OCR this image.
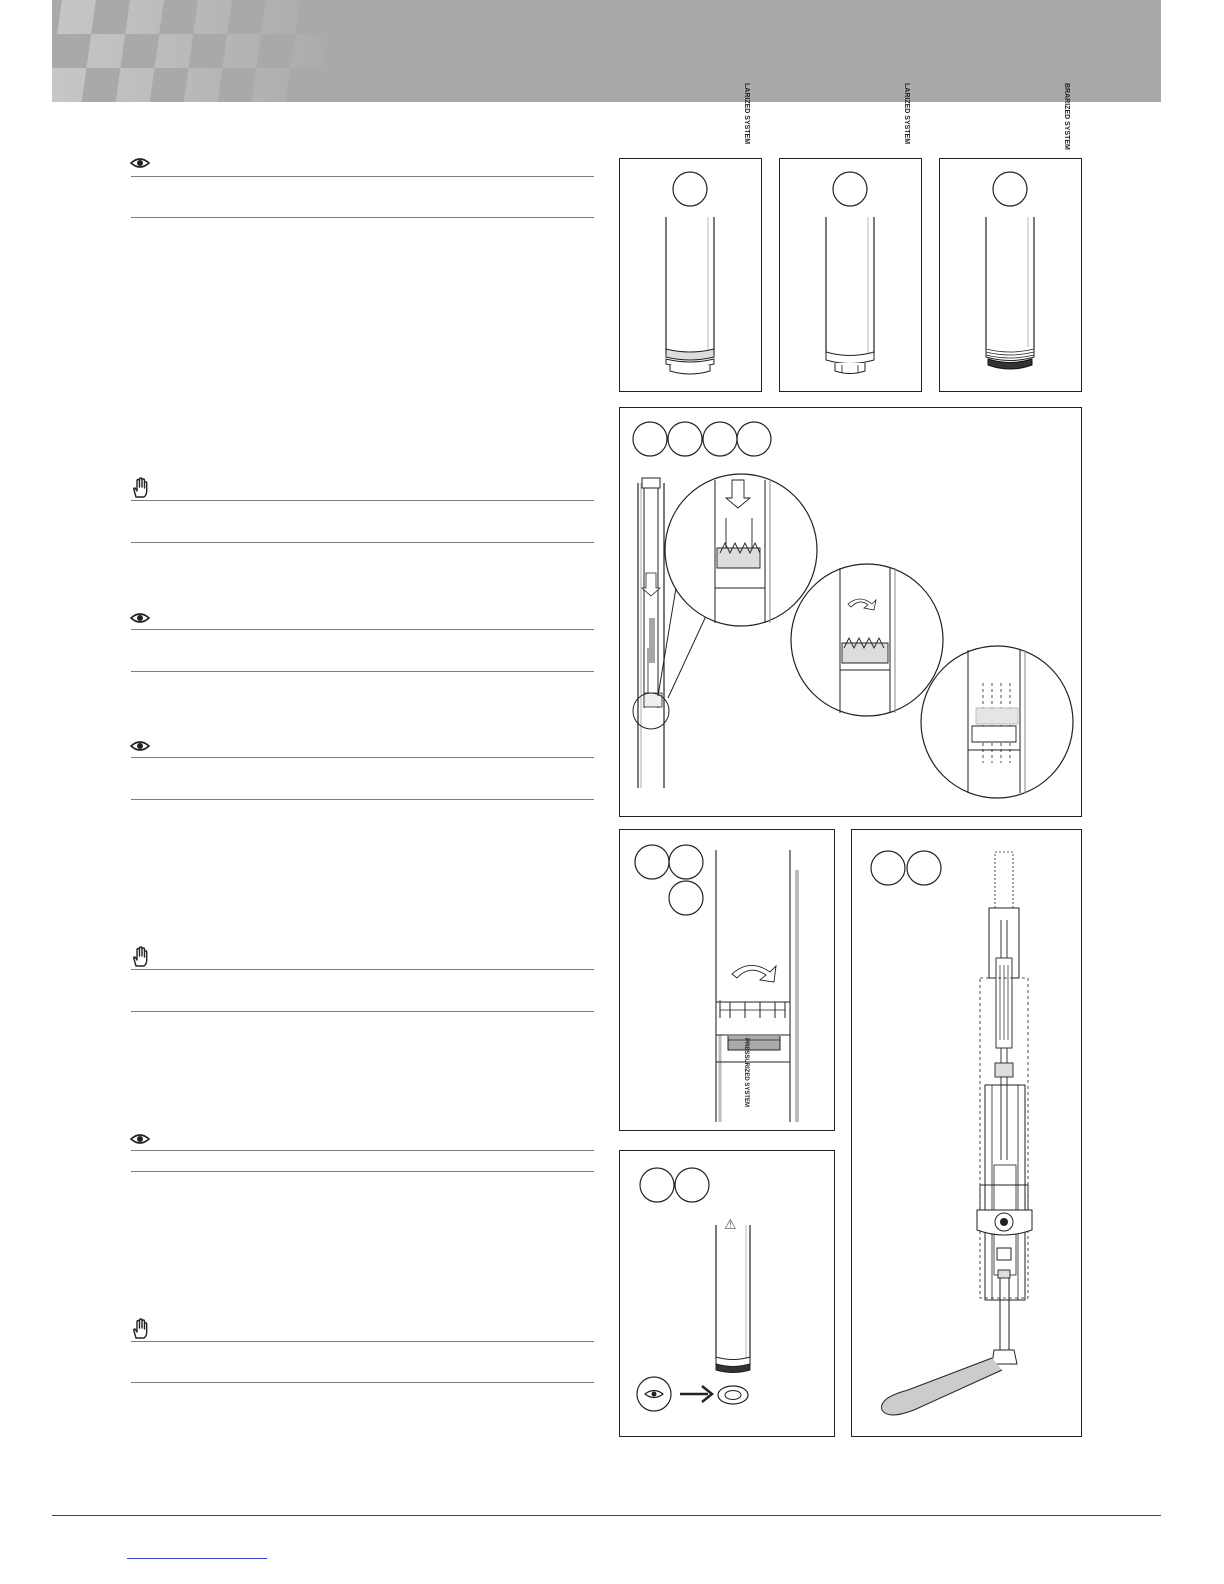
LARIZED SYSTEM	LARIZED SYSTEM	BRARIZED SYSTEM
⚠
PRESSURIZED SYSTEM
